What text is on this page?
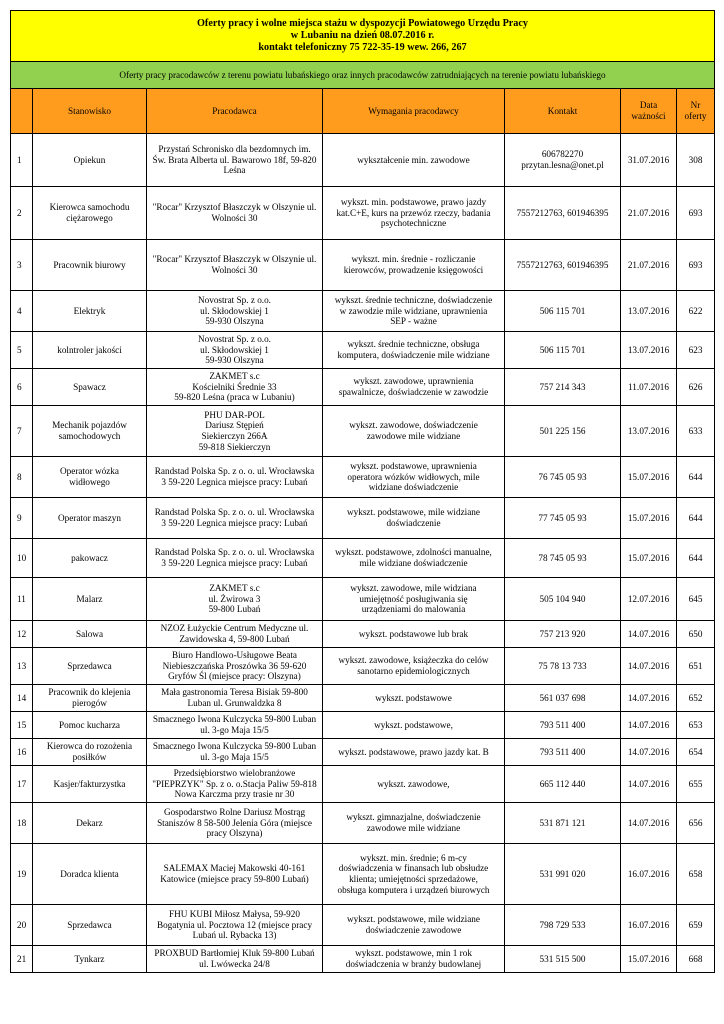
Oferty pracy i wolne miejsca stażu w dyspozycji Powiatowego Urzędu Pracy
w Lubaniu na dzień 08.07.2016 r.
kontakt telefoniczny 75 722-35-19 wew. 266, 267						

Oferty pracy pracodawców z terenu powiatu lubańskiego oraz innych pracodawców zatrudniających na terenie powiatu lubańskiego						
	Stanowisko	Pracodawca	Wymagania pracodawcy	Kontakt	Data
ważności	Nr
oferty

1	Opiekun	Przystań Schronisko dla bezdomnych im.
Św. Brata Alberta ul. Bawarowo 18f, 59-820
Leśna	wykształcenie min. zawodowe	606782270
przytan.lesna@onet.pl	31.07.2016	308
2	Kierowca samochodu
ciężarowego	"Rocar" Krzysztof Błaszczyk w Olszynie ul.
Wolności 30	wykszt. min. podstawowe, prawo jazdy
kat.C+E, kurs na przewóz rzeczy, badania
psychotechniczne	7557212763, 601946395	21.07.2016	693
3	Pracownik biurowy	"Rocar" Krzysztof Błaszczyk w Olszynie ul.
Wolności 30	wykszt. min. średnie - rozliczanie
kierowców, prowadzenie księgowości	7557212763, 601946395	21.07.2016	693
4	Elektryk	Novostrat Sp. z o.o.
ul. Skłodowskiej 1
59-930 Olszyna	wykszt. średnie techniczne, doświadczenie
w zawodzie mile widziane, uprawnienia
SEP - ważne	506 115 701	13.07.2016	622
5	kolntroler jakości	Novostrat Sp. z o.o.
ul. Skłodowskiej 1
59-930 Olszyna	wykszt. średnie techniczne, obsługa
komputera, doświadczenie mile widziane	506 115 701	13.07.2016	623
6	Spawacz	ZAKMET s.c
Kościelniki Średnie 33
59-820 Leśna (praca w Lubaniu)	wykszt. zawodowe, uprawnienia
spawalnicze, doświadczenie w zawodzie	757 214 343	11.07.2016	626
7	Mechanik pojazdów
samochodowych	PHU DAR-POL
Dariusz Stępień
Siekierczyn 266A
59-818 Siekierczyn	wykszt. zawodowe, doświadczenie
zawodowe mile widziane	501 225 156	13.07.2016	633
8	Operator wózka
widłowego	Randstad Polska Sp. z o. o. ul. Wrocławska
3 59-220 Legnica miejsce pracy: Lubań	wykszt. podstawowe, uprawnienia
operatora wózków widłowych, mile
widziane doświadczenie	76 745 05 93	15.07.2016	644
9	Operator maszyn	Randstad Polska Sp. z o. o. ul. Wrocławska
3 59-220 Legnica miejsce pracy: Lubań	wykszt. podstawowe, mile widziane
doświadczenie	77 745 05 93	15.07.2016	644
10	pakowacz	Randstad Polska Sp. z o. o. ul. Wrocławska
3 59-220 Legnica miejsce pracy: Lubań	wykszt. podstawowe, zdolności manualne,
mile widziane doświadczenie	78 745 05 93	15.07.2016	644
11	Malarz	ZAKMET s.c
ul. Żwirowa 3
59-800 Lubań	wykszt. zawodowe, mile widziana
umiejętność posługiwania się
urządzeniami do malowania	505 104 940	12.07.2016	645
12	Salowa	NZOZ Łużyckie Centrum Medyczne ul.
Zawidowska 4, 59-800 Lubań	wykszt. podstawowe lub brak	757 213 920	14.07.2016	650
13	Sprzedawca	Biuro Handlowo-Usługowe Beata
Niebieszczańska Proszówka 36 59-620
Gryfów Śl (miejsce pracy: Olszyna)	wykszt. zawodowe, książeczka do celów
sanotarno epidemiologicznych	75 78 13 733	14.07.2016	651
14	Pracownik do klejenia
pierogów	Mała gastronomia Teresa Bisiak 59-800
Luban ul. Grunwaldzka 8	wykszt. podstawowe	561 037 698	14.07.2016	652
15	Pomoc kucharza	Smacznego Iwona Kulczycka 59-800 Luban
ul. 3-go Maja 15/5	wykszt. podstawowe,	793 511 400	14.07.2016	653
16	Kierowca do rozożenia
posiłków	Smacznego Iwona Kulczycka 59-800 Luban
ul. 3-go Maja 15/5	wykszt. podstawowe, prawo jazdy kat. B	793 511 400	14.07.2016	654
17	Kasjer/fakturzystka	Przedsiębiorstwo wielobranżowe
"PIEPRZYK" Sp. z o. o.Stacja Paliw 59-818
Nowa Karczma przy trasie nr 30	wykszt. zawodowe,	665 112 440	14.07.2016	655
18	Dekarz	Gospodarstwo Rolne Dariusz Mostrąg
Staniszów 8 58-500 Jelenia Góra (miejsce
pracy Olszyna)	wykszt. gimnazjalne, doświadczenie
zawodowe mile widziane	531 871 121	14.07.2016	656
19	Doradca klienta	SALEMAX Maciej Makowski 40-161
Katowice (miejsce pracy 59-800 Lubań)	wykszt. min. średnie; 6 m-cy
doświadczenia w finansach lub obsłudze
klienta; umiejętności sprzedażowe,
obsługa komputera i urządzeń biurowych	531 991 020	16.07.2016	658
20	Sprzedawca	FHU KUBI Miłosz Małysa, 59-920
Bogatynia ul. Pocztowa 12 (miejsce pracy
Lubań ul. Rybacka 13)	wykszt. podstawowe, mile widziane
doświadczenie zawodowe	798 729 533	16.07.2016	659
21	Tynkarz	PROXBUD Bartłomiej Kluk 59-800 Lubań
ul. Lwówecka 24/8	wykszt. podstawowe, min 1 rok
doświadczenia w branży budowlanej	531 515 500	15.07.2016	668
